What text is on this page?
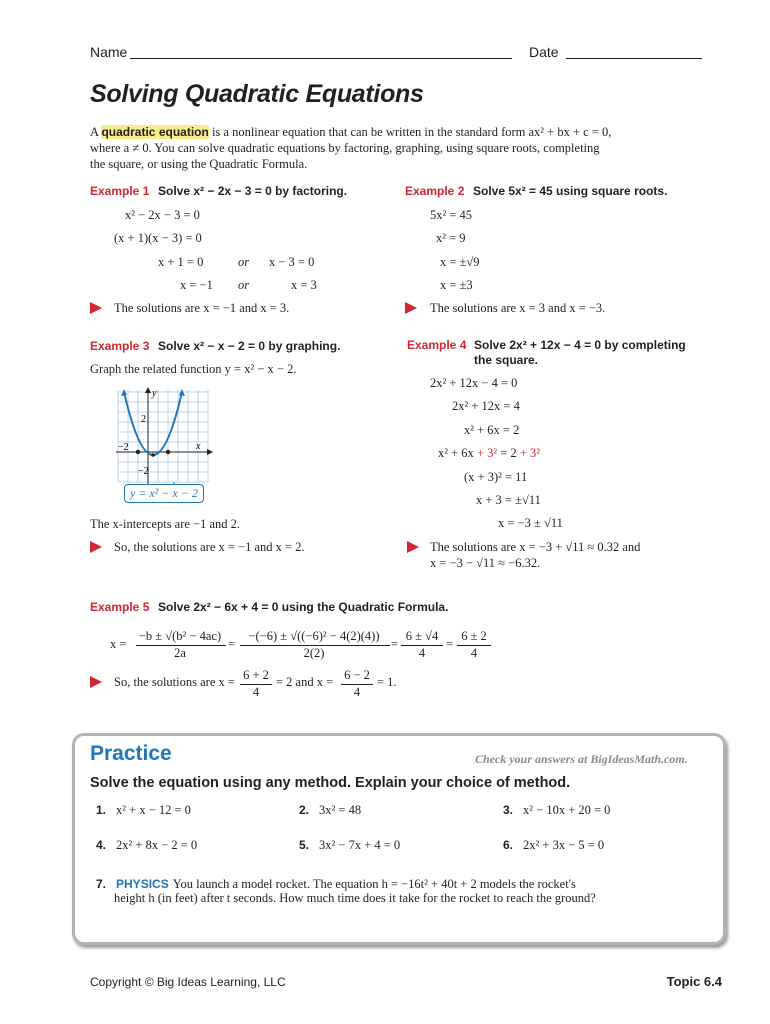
Name	Date
Solving Quadratic Equations
A quadratic equation is a nonlinear equation that can be written in the standard form ax² + bx + c = 0,
where a ≠ 0. You can solve quadratic equations by factoring, graphing, using square roots, completing
the square, or using the Quadratic Formula.
Example 1 Solve x² − 2x − 3 = 0 by factoring.
x² − 2x − 3 = 0
(x + 1)(x − 3) = 0
x + 1 = 0	or x − 3 = 0
x = −1 or	x = 3
The solutions are x = −1 and x = 3.
Example 2 Solve 5x² = 45 using square roots.
5x² = 45
x² = 9
x = ±√9
x = ±3
The solutions are x = 3 and x = −3.
Example 3 Solve x² − x − 2 = 0 by graphing.
Graph the related function y = x² − x − 2.
y
x
2
−2
−2
y = x² − x − 2
The x-intercepts are −1 and 2.
So, the solutions are x = −1 and x = 2.
Example 4 Solve 2x² + 12x − 4 = 0 by completing
the square.
2x² + 12x − 4 = 0
2x² + 12x = 4
x² + 6x = 2
x² + 6x + 3² = 2 + 3²
(x + 3)² = 11
x + 3 = ±√11
x = −3 ± √11
The solutions are x = −3 + √11 ≈ 0.32 and
x = −3 − √11 ≈ −6.32.
Example 5 Solve 2x² − 6x + 4 = 0 using the Quadratic Formula.
x =
−b ± √(b² − 4ac)
2a
=
−(−6) ± √((−6)² − 4(2)(4))
2(2)
=
6 ± √4
4
=
6 ± 2
4
So, the solutions are x = 6 + 2
4
= 2 and x = 6 − 2
4
= 1.
Practice	Check your answers at BigIdeasMath.com.
Solve the equation using any method. Explain your choice of method.
1. x² + x − 12 = 0	2. 3x² = 48	3. x² − 10x + 20 = 0
4. 2x² + 8x − 2 = 0	5. 3x² − 7x + 4 = 0	6. 2x² + 3x − 5 = 0
7. PHYSICS You launch a model rocket. The equation h = −16t² + 40t + 2 models the rocket's
height h (in feet) after t seconds. How much time does it take for the rocket to reach the ground?
Copyright © Big Ideas Learning, LLC	Topic 6.4
